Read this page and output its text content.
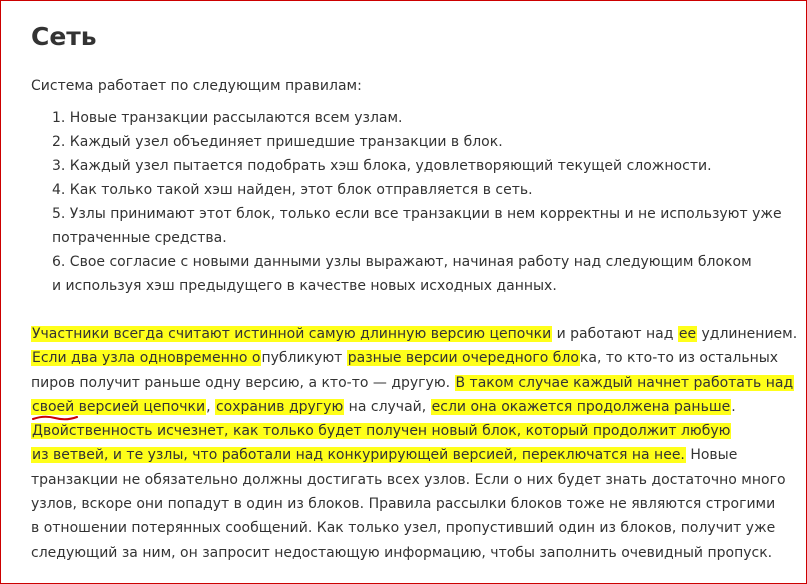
Сеть

Система работает по следующим правилам:

1. Новые транзакции рассылаются всем узлам.
2. Каждый узел объединяет пришедшие транзакции в блок.
3. Каждый узел пытается подобрать хэш блока, удовлетворяющий текущей сложности.
4. Как только такой хэш найден, этот блок отправляется в сеть.
5. Узлы принимают этот блок, только если все транзакции в нем корректны и не используют уже
потраченные средства.
6. Свое согласие с новыми данными узлы выражают, начиная работу над следующим блоком
и используя хэш предыдущего в качестве новых исходных данных.
Участники всегда считают истинной самую длинную версию цепочки и работают над ее удлинением.
Если два узла одновременно опубликуют разные версии очередного блока, то кто-то из остальных
пиров получит раньше одну версию, а кто-то — другую. В таком случае каждый начнет работать над
своей версией цепочки, сохранив другую на случай, если она окажется продолжена раньше.
Двойственность исчезнет, как только будет получен новый блок, который продолжит любую
из ветвей, и те узлы, что работали над конкурирующей версией, переключатся на нее. Новые
транзакции не обязательно должны достигать всех узлов. Если о них будет знать достаточно много
узлов, вскоре они попадут в один из блоков. Правила рассылки блоков тоже не являются строгими
в отношении потерянных сообщений. Как только узел, пропустивший один из блоков, получит уже
следующий за ним, он запросит недостающую информацию, чтобы заполнить очевидный пропуск.
